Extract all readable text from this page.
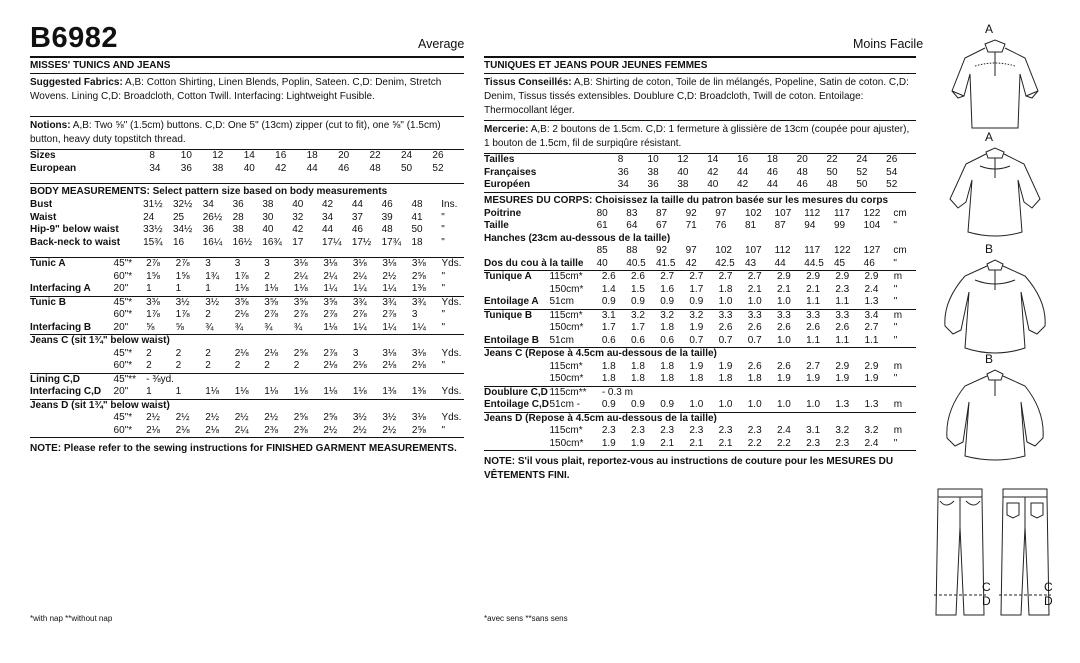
B6982	Average	Moins Facile
MISSES' TUNICS AND JEANS
Suggested Fabrics: A,B: Cotton Shirting, Linen Blends, Poplin, Sateen. C,D: Denim, Stretch Wovens. Lining C,D: Broadcloth, Cotton Twill. Interfacing: Lightweight Fusible.
Notions: A,B: Two ⅝" (1.5cm) buttons. C,D: One 5" (13cm) zipper (cut to fit), one ⅝" (1.5cm) button, heavy duty topstitch thread.
Sizes	8	10	12	14	16	18	20	22	24	26
European	34	36	38	40	42	44	46	48	50	52
BODY MEASUREMENTS: Select pattern size based on body measurements
Bust	31½	32½	34	36	38	40	42	44	46	48	Ins.
Waist	24	25	26½	28	30	32	34	37	39	41	"
Hip-9" below waist	33½	34½	36	38	40	42	44	46	48	50	"
Back-neck to waist	15¾	16	16¼	16½	16¾	17	17¼	17½	17¾	18	"
Tunic A	45"*	2⅞	2⅞	3	3	3	3⅛	3⅛	3⅛	3⅛	3⅛	Yds.
	60"*	1⅝	1⅝	1¾	1⅞	2	2¼	2¼	2¼	2½	2⅝	"
Interfacing A	20"	1	1	1	1⅛	1⅛	1⅛	1¼	1¼	1¼	1⅜	"
Tunic B	45"*	3⅜	3½	3½	3⅝	3⅝	3⅝	3⅝	3¾	3¾	3¾	Yds.
	60"*	1⅞	1⅞	2	2⅛	2⅞	2⅞	2⅞	2⅞	2⅞	3	"
Interfacing B	20"	⅝	⅝	¾	¾	¾	¾	1⅛	1¼	1¼	1¼	"
Jeans C (sit 1¾" below waist)												
	45"*	2	2	2	2⅛	2⅛	2⅝	2⅞	3	3⅛	3⅛	Yds.
	60"*	2	2	2	2	2	2	2⅛	2⅛	2⅛	2⅛	"
Lining C,D	45"**	- ⅜yd.										
Interfacing C,D	20"	1	1	1⅛	1⅛	1⅛	1⅛	1⅛	1⅛	1⅜	1⅜	Yds.
Jeans D (sit 1¾" below waist)												
	45"*	2½	2½	2½	2½	2½	2⅝	2⅝	3½	3½	3⅛	Yds.
	60"*	2⅛	2⅛	2⅛	2¼	2⅜	2⅜	2½	2½	2½	2⅝	"
NOTE: Please refer to the sewing instructions for FINISHED GARMENT MEASUREMENTS.
TUNIQUES ET JEANS POUR JEUNES FEMMES
Tissus Conseillés: A,B: Shirting de coton, Toile de lin mélangés, Popeline, Satin de coton. C,D: Denim, Tissus tissés extensibles. Doublure C,D: Broadcloth, Twill de coton. Entoilage: Thermocollant léger.
Mercerie: A,B: 2 boutons de 1.5cm. C,D: 1 fermeture à glissière de 13cm (coupée pour ajuster), 1 bouton de 1.5cm, fil de surpiqûre résistant.
Tailles	8	10	12	14	16	18	20	22	24	26
Françaises	36	38	40	42	44	46	48	50	52	54
Européen	34	36	38	40	42	44	46	48	50	52
MESURES DU CORPS: Choisissez la taille du patron basée sur les mesures du corps
Poitrine	80	83	87	92	97	102	107	112	117	122	cm
Taille	61	64	67	71	76	81	87	94	99	104	"
Hanches (23cm au-dessous de la taille)											
	85	88	92	97	102	107	112	117	122	127	cm
Dos du cou à la taille	40	40.5	41.5	42	42.5	43	44	44.5	45	46	"
Tunique A	115cm*	2.6	2.6	2.7	2.7	2.7	2.7	2.9	2.9	2.9	2.9	m
	150cm*	1.4	1.5	1.6	1.7	1.8	2.1	2.1	2.1	2.3	2.4	"
Entoilage A	51cm	0.9	0.9	0.9	0.9	1.0	1.0	1.0	1.1	1.1	1.3	"
Tunique B	115cm*	3.1	3.2	3.2	3.2	3.3	3.3	3.3	3.3	3.3	3.4	m
	150cm*	1.7	1.7	1.8	1.9	2.6	2.6	2.6	2.6	2.6	2.7	"
Entoilage B	51cm	0.6	0.6	0.6	0.7	0.7	0.7	1.0	1.1	1.1	1.1	"
Jeans C (Repose à 4.5cm au-dessous de la taille)												
	115cm*	1.8	1.8	1.8	1.9	1.9	2.6	2.6	2.7	2.9	2.9	m
	150cm*	1.8	1.8	1.8	1.8	1.8	1.8	1.9	1.9	1.9	1.9	"
Doublure C,D	115cm**	- 0.3 m										
Entoilage C,D	51cm -	0.9	0.9	0.9	1.0	1.0	1.0	1.0	1.0	1.3	1.3	m
Jeans D (Repose à 4.5cm au-dessous de la taille)												
	115cm*	2.3	2.3	2.3	2.3	2.3	2.3	2.4	3.1	3.2	3.2	m
	150cm*	1.9	1.9	2.1	2.1	2.1	2.2	2.2	2.3	2.3	2.4	"
NOTE: S'il vous plait, reportez-vous au instructions de couture pour les MESURES DU VÊTEMENTS FINI.
*with nap **without nap	*avec sens **sans sens
A
A
B
B
C
D
C
D
